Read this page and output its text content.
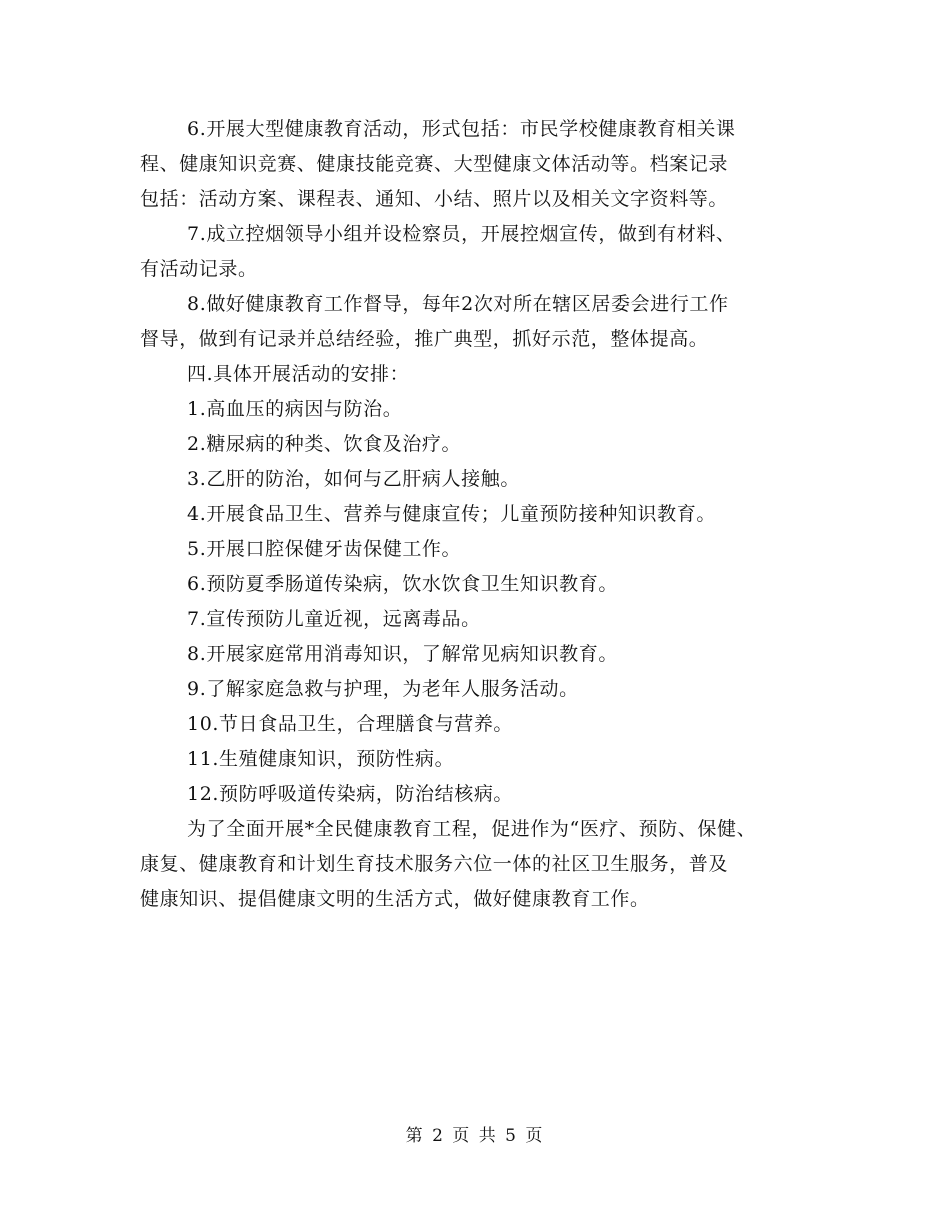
6.开展大型健康教育活动，形式包括：市民学校健康教育相关课
程、健康知识竞赛、健康技能竞赛、大型健康文体活动等。档案记录
包括：活动方案、课程表、通知、小结、照片以及相关文字资料等。
7.成立控烟领导小组并设检察员，开展控烟宣传，做到有材料、
有活动记录。
8.做好健康教育工作督导，每年2次对所在辖区居委会进行工作
督导，做到有记录并总结经验，推广典型，抓好示范，整体提高。
四.具体开展活动的安排：
1.高血压的病因与防治。
2.糖尿病的种类、饮食及治疗。
3.乙肝的防治，如何与乙肝病人接触。
4.开展食品卫生、营养与健康宣传；儿童预防接种知识教育。
5.开展口腔保健牙齿保健工作。
6.预防夏季肠道传染病，饮水饮食卫生知识教育。
7.宣传预防儿童近视，远离毒品。
8.开展家庭常用消毒知识，了解常见病知识教育。
9.了解家庭急救与护理，为老年人服务活动。
10.节日食品卫生，合理膳食与营养。
11.生殖健康知识，预防性病。
12.预防呼吸道传染病，防治结核病。
为了全面开展*全民健康教育工程，促进作为“医疗、预防、保健、
康复、健康教育和计划生育技术服务六位一体的社区卫生服务，普及
健康知识、提倡健康文明的生活方式，做好健康教育工作。
第 2 页 共 5 页
